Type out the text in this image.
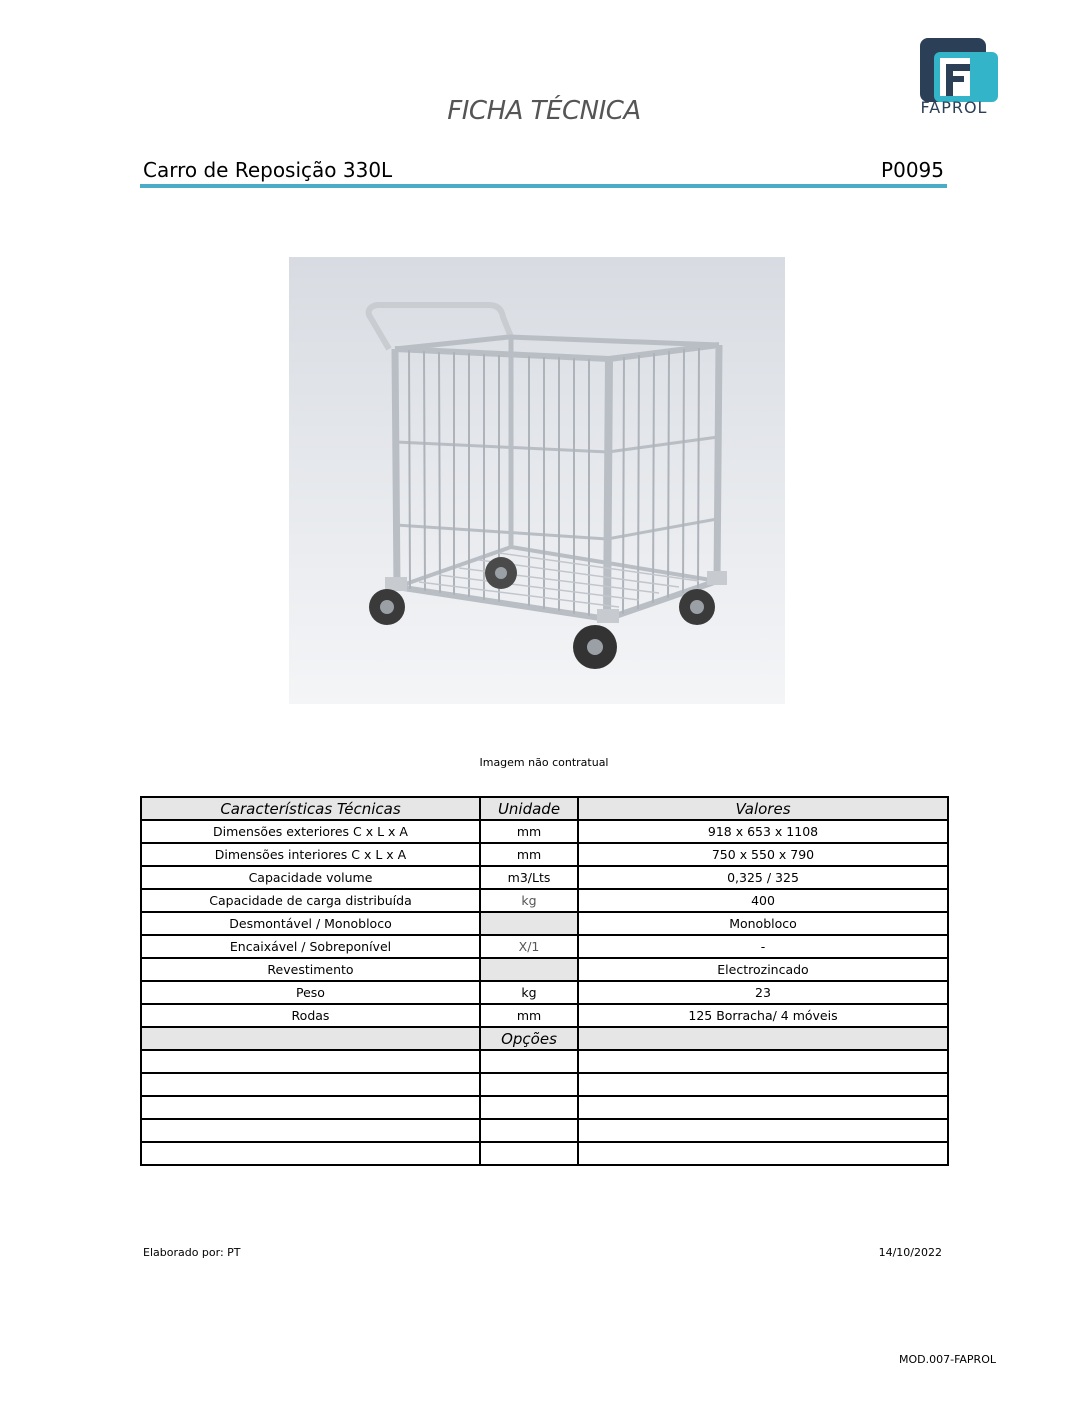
FAPROL
FICHA TÉCNICA
Carro de Reposição 330L	P0095
Imagem não contratual
Características Técnicas	Unidade	Valores
Dimensões exteriores C x L x A	mm	918 x 653 x 1108
Dimensões interiores C x L x A	mm	750 x 550 x 790
Capacidade volume	m3/Lts	0,325 / 325
Capacidade de carga distribuída	kg	400
Desmontável / Monobloco		Monobloco
Encaixável / Sobreponível	X/1	-
Revestimento		Electrozincado
Peso	kg	23
Rodas	mm	125 Borracha/ 4 móveis
	Opções	

Elaborado por: PT	14/10/2022
MOD.007-FAPROL
